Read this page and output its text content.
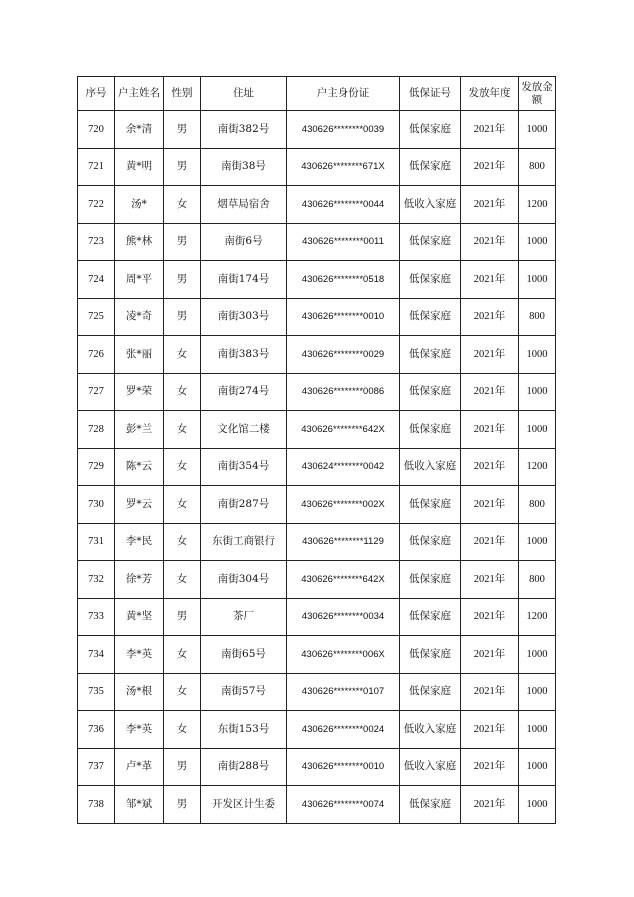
序号	户主姓名	性别	住址	户主身份证	低保证号	发放年度	发放金额
720	余*清	男	南街382号	430626********0039	低保家庭	2021年	1000
721	黄*明	男	南街38号	430626********671X	低保家庭	2021年	800
722	汤*	女	烟草局宿舍	430626********0044	低收入家庭	2021年	1200
723	熊*林	男	南街6号	430626********0011	低保家庭	2021年	1000
724	周*平	男	南街174号	430626********0518	低保家庭	2021年	1000
725	凌*奇	男	南街303号	430626********0010	低保家庭	2021年	800
726	张*丽	女	南街383号	430626********0029	低保家庭	2021年	1000
727	罗*荣	女	南街274号	430626********0086	低保家庭	2021年	1000
728	彭*兰	女	文化馆二楼	430626********642X	低保家庭	2021年	1000
729	陈*云	女	南街354号	430624********0042	低收入家庭	2021年	1200
730	罗*云	女	南街287号	430626********002X	低保家庭	2021年	800
731	李*民	女	东街工商银行	430626********1129	低保家庭	2021年	1000
732	徐*芳	女	南街304号	430626********642X	低保家庭	2021年	800
733	黄*坚	男	茶厂	430626********0034	低保家庭	2021年	1200
734	李*英	女	南街65号	430626********006X	低保家庭	2021年	1000
735	汤*根	女	南街57号	430626********0107	低保家庭	2021年	1000
736	李*英	女	东街153号	430626********0024	低收入家庭	2021年	1000
737	卢*革	男	南街288号	430626********0010	低收入家庭	2021年	1000
738	邹*斌	男	开发区计生委	430626********0074	低保家庭	2021年	1000
